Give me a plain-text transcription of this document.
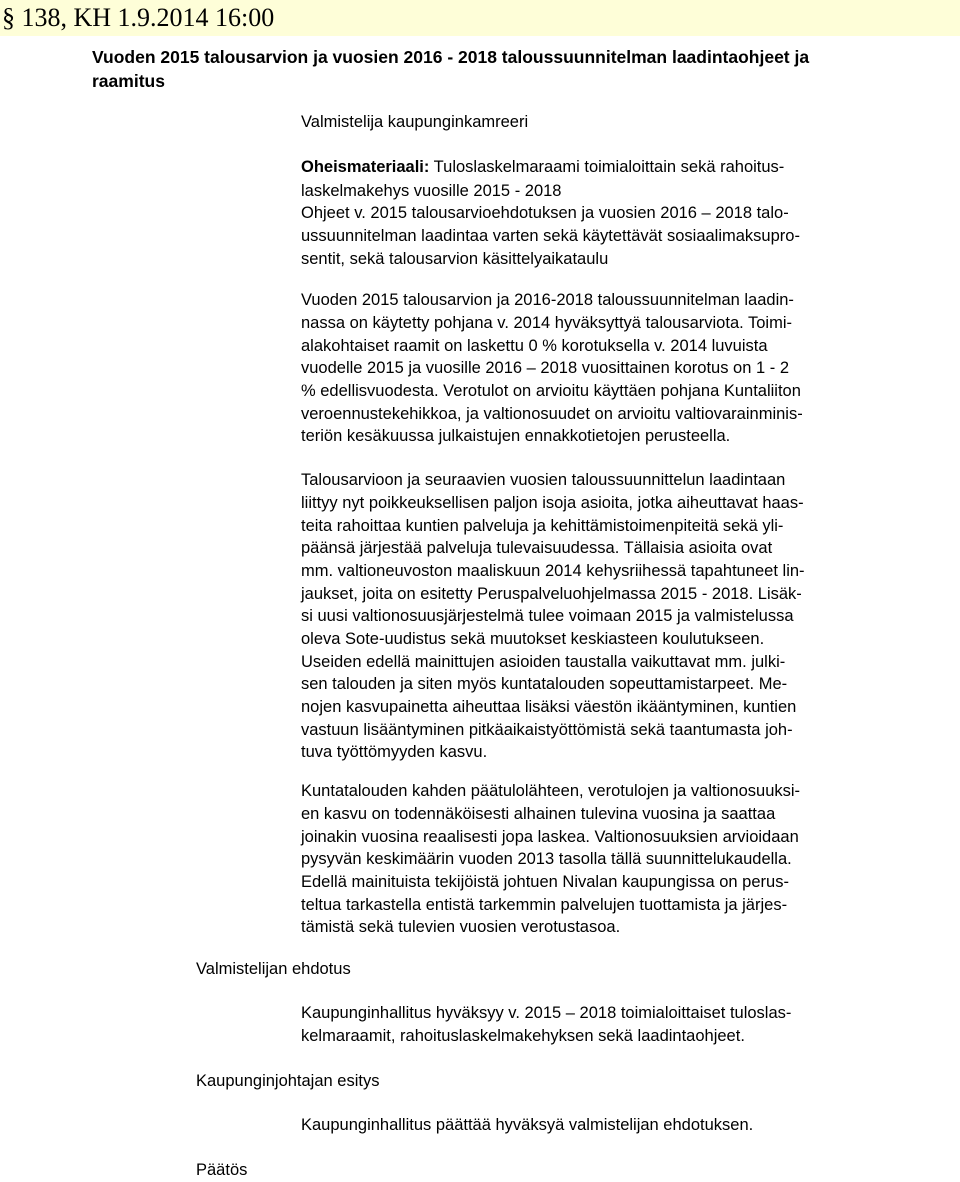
§ 138, KH 1.9.2014 16:00
Vuoden 2015 talousarvion ja vuosien 2016 - 2018 taloussuunnitelman laadintaohjeet ja
raamitus
Valmistelija kaupunginkamreeri
Oheismateriaali: Tuloslaskelmaraami toimialoittain sekä rahoitus-
laskelmakehys vuosille 2015 - 2018
Ohjeet v. 2015 talousarvioehdotuksen ja vuosien 2016 – 2018 talo-
ussuunnitelman laadintaa varten sekä käytettävät sosiaalimaksupro-
sentit, sekä talousarvion käsittelyaikataulu
Vuoden 2015 talousarvion ja 2016-2018 taloussuunnitelman laadin-
nassa on käytetty pohjana v. 2014 hyväksyttyä talousarviota. Toimi-
alakohtaiset raamit on laskettu 0 % korotuksella v. 2014 luvuista
vuodelle 2015 ja vuosille 2016 – 2018 vuosittainen korotus on 1 - 2
% edellisvuodesta. Verotulot on arvioitu käyttäen pohjana Kuntaliiton
veroennustekehikkoa, ja valtionosuudet on arvioitu valtiovarainminis-
teriön kesäkuussa julkaistujen ennakkotietojen perusteella.
Talousarvioon ja seuraavien vuosien taloussuunnittelun laadintaan
liittyy nyt poikkeuksellisen paljon isoja asioita, jotka aiheuttavat haas-
teita rahoittaa kuntien palveluja ja kehittämistoimenpiteitä sekä yli-
päänsä järjestää palveluja tulevaisuudessa. Tällaisia asioita ovat
mm. valtioneuvoston maaliskuun 2014 kehysriihessä tapahtuneet lin-
jaukset, joita on esitetty Peruspalveluohjelmassa 2015 - 2018. Lisäk-
si uusi valtionosuusjärjestelmä tulee voimaan 2015 ja valmistelussa
oleva Sote-uudistus sekä muutokset keskiasteen koulutukseen.
Useiden edellä mainittujen asioiden taustalla vaikuttavat mm. julki-
sen talouden ja siten myös kuntatalouden sopeuttamistarpeet. Me-
nojen kasvupainetta aiheuttaa lisäksi väestön ikääntyminen, kuntien
vastuun lisääntyminen pitkäaikaistyöttömistä sekä taantumasta joh-
tuva työttömyyden kasvu.
Kuntatalouden kahden päätulolähteen, verotulojen ja valtionosuuksi-
en kasvu on todennäköisesti alhainen tulevina vuosina ja saattaa
joinakin vuosina reaalisesti jopa laskea. Valtionosuuksien arvioidaan
pysyvän keskimäärin vuoden 2013 tasolla tällä suunnittelukaudella.
Edellä mainituista tekijöistä johtuen Nivalan kaupungissa on perus-
teltua tarkastella entistä tarkemmin palvelujen tuottamista ja järjes-
tämistä sekä tulevien vuosien verotustasoa.
Valmistelijan ehdotus
Kaupunginhallitus hyväksyy v. 2015 – 2018 toimialoittaiset tuloslas-
kelmaraamit, rahoituslaskelmakehyksen sekä laadintaohjeet.
Kaupunginjohtajan esitys
Kaupunginhallitus päättää hyväksyä valmistelijan ehdotuksen.
Päätös
